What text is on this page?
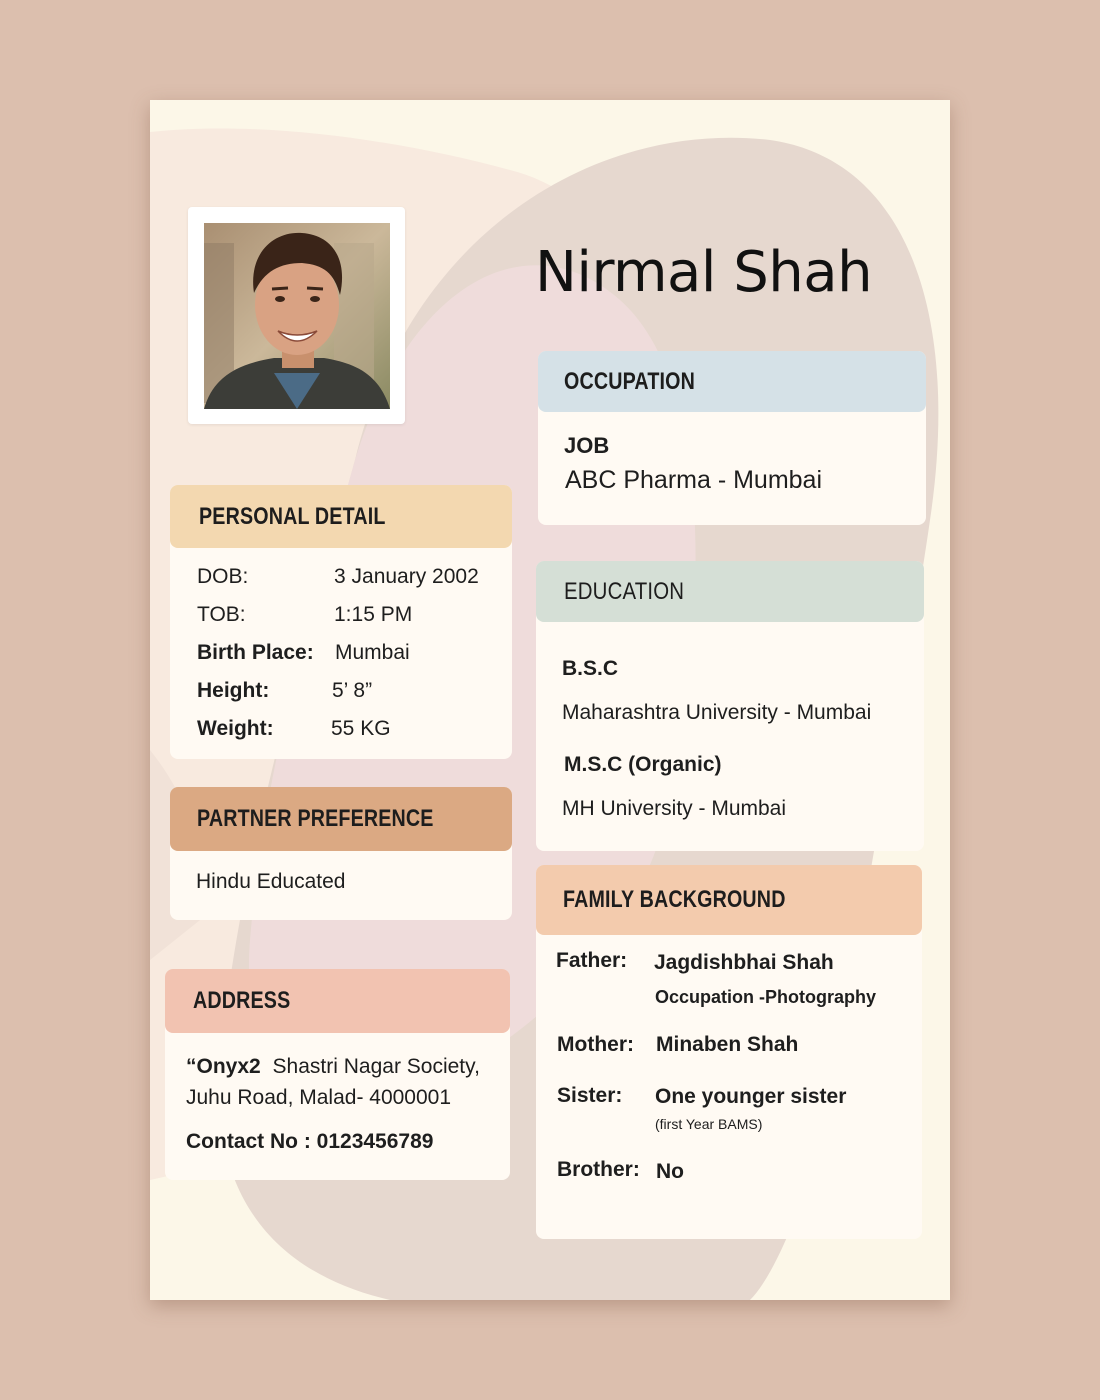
Nirmal Shah
OCCUPATION
JOB
ABC Pharma - Mumbai
PERSONAL DETAIL
DOB:	3 January 2002
TOB:	1:15 PM
Birth Place: Mumbai
Height:	5’ 8”
Weight:	55 KG
EDUCATION
B.S.C
Maharashtra University - Mumbai
M.S.C (Organic)
MH University - Mumbai
PARTNER PREFERENCE
Hindu Educated
FAMILY BACKGROUND
Father: Jagdishbhai Shah
Occupation -Photography
Mother: Minaben Shah
Sister: One younger sister
(first Year BAMS)
Brother: No
ADDRESS
“Onyx2 Shastri Nagar Society,
Juhu Road, Malad- 4000001
Contact No : 0123456789
